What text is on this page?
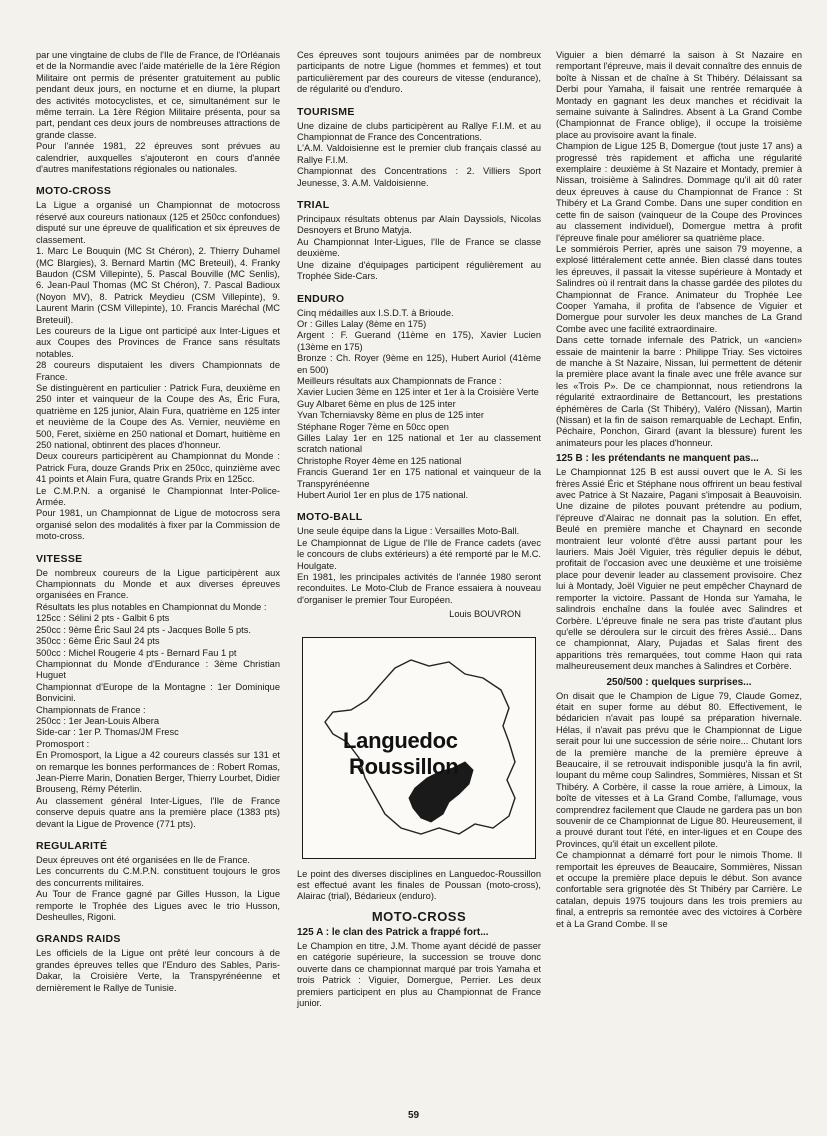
par une vingtaine de clubs de l'Ile de France, de l'Orléanais et de la Normandie avec l'aide matérielle de la 1ère Région Militaire ont permis de présenter gratuitement au public pendant deux jours, en nocturne et en diurne, la plupart des activités motocyclistes, et ce, simultanément sur le même terrain. La 1ère Région Militaire présenta, pour sa part, pendant ces deux jours de nombreuses attractions de grande classe.

Pour l'année 1981, 22 épreuves sont prévues au calendrier, auxquelles s'ajouteront en cours d'année d'autres manifestations régionales ou nationales.

MOTO-CROSS

La Ligue a organisé un Championnat de motocross réservé aux coureurs nationaux (125 et 250cc confondues) disputé sur une épreuve de qualification et six épreuves de classement.

1. Marc Le Bouquin (MC St Chéron), 2. Thierry Duhamel (MC Blargies), 3. Bernard Martin (MC Breteuil), 4. Franky Baudon (CSM Villepinte), 5. Pascal Bouville (MC Senlis), 6. Jean-Paul Thomas (MC St Chéron), 7. Pascal Badioux (Noyon MV), 8. Patrick Meydieu (CSM Villepinte), 9. Laurent Marin (CSM Villepinte), 10. Francis Maréchal (MC Breteuil).

Les coureurs de la Ligue ont participé aux Inter-Ligues et aux Coupes des Provinces de France sans résultats notables.

28 coureurs disputaient les divers Championnats de France.

Se distinguèrent en particulier : Patrick Fura, deuxième en 250 inter et vainqueur de la Coupe des As, Éric Fura, quatrième en 125 junior, Alain Fura, quatrième en 125 inter et neuvième de la Coupe des As. Vernier, neuvième en 500, Feret, sixième en 250 national et Domart, huitième en 250 national, obtinrent des places d'honneur.

Deux coureurs participèrent au Championnat du Monde : Patrick Fura, douze Grands Prix en 250cc, quinzième avec 41 points et Alain Fura, quatre Grands Prix en 125cc.

Le C.M.P.N. a organisé le Championnat Inter-Police-Armée.

Pour 1981, un Championnat de Ligue de motocross sera organisé selon des modalités à fixer par la Commission de moto-cross.

VITESSE

De nombreux coureurs de la Ligue participèrent aux Championnats du Monde et aux diverses épreuves organisées en France.

Résultats les plus notables en Championnat du Monde :

125cc : Sélini 2 pts - Galbit 6 pts

250cc : 9ème Éric Saul 24 pts - Jacques Bolle 5 pts.

350cc : 6ème Éric Saul 24 pts

500cc : Michel Rougerie 4 pts - Bernard Fau 1 pt

Championnat du Monde d'Endurance : 3ème Christian Huguet

Championnat d'Europe de la Montagne : 1er Dominique Bonvicini.

Championnats de France :

250cc : 1er Jean-Louis Albera

Side-car : 1er P. Thomas/JM Fresc

Promosport :

En Promosport, la Ligue a 42 coureurs classés sur 131 et on remarque les bonnes performances de : Robert Romas, Jean-Pierre Marin, Donatien Berger, Thierry Lourbet, Didier Brouseng, Rémy Péterlin.

Au classement général Inter-Ligues, l'Ile de France conserve depuis quatre ans la première place (1383 pts) devant la Ligue de Provence (771 pts).

REGULARITÉ

Deux épreuves ont été organisées en Ile de France.

Les concurrents du C.M.P.N. constituent toujours le gros des concurrents militaires.

Au Tour de France gagné par Gilles Husson, la Ligue remporte le Trophée des Ligues avec le trio Husson, Desheulles, Rigoni.

GRANDS RAIDS

Les officiels de la Ligue ont prêté leur concours à de grandes épreuves telles que l'Enduro des Sables, Paris-Dakar, la Croisière Verte, la Transpyrénéenne et dernièrement le Rallye de Tunisie.

Ces épreuves sont toujours animées par de nombreux participants de notre Ligue (hommes et femmes) et tout particulièrement par des coureurs de vitesse (endurance), de régularité ou d'enduro.

TOURISME

Une dizaine de clubs participèrent au Rallye F.I.M. et au Championnat de France des Concentrations.

L'A.M. Valdoisienne est le premier club français classé au Rallye F.I.M.

Championnat des Concentrations : 2. Villiers Sport Jeunesse, 3. A.M. Valdoisienne.

TRIAL

Principaux résultats obtenus par Alain Dayssiols, Nicolas Desnoyers et Bruno Matyja.

Au Championnat Inter-Ligues, l'Ile de France se classe deuxième.

Une dizaine d'équipages participent régulièrement au Trophée Side-Cars.

ENDURO

Cinq médailles aux I.S.D.T. à Brioude.

Or : Gilles Lalay (8ème en 175)

Argent : F. Guerand (11ème en 175), Xavier Lucien (13ème en 175)

Bronze : Ch. Royer (9ème en 125), Hubert Auriol (41ème en 500)

Meilleurs résultats aux Championnats de France :

Xavier Lucien 3ème en 125 inter et 1er à la Croisière Verte

Guy Albaret 6ème en plus de 125 inter

Yvan Tcherniavsky 8ème en plus de 125 inter

Stéphane Roger 7ème en 50cc open

Gilles Lalay 1er en 125 national et 1er au classement scratch national

Christophe Royer 4ème en 125 national

Francis Guerand 1er en 175 national et vainqueur de la Transpyrénéenne

Hubert Auriol 1er en plus de 175 national.

MOTO-BALL

Une seule équipe dans la Ligue : Versailles Moto-Ball.

Le Championnat de Ligue de l'Ile de France cadets (avec le concours de clubs extérieurs) a été remporté par le M.C. Houlgate.

En 1981, les principales activités de l'année 1980 seront reconduites. Le Moto-Club de France essaiera à nouveau d'organiser le premier Tour Européen.

Louis BOUVRON

Languedoc
Roussillon

Le point des diverses disciplines en Languedoc-Roussillon est effectué avant les finales de Poussan (moto-cross), Alairac (trial), Bédarieux (enduro).

MOTO-CROSS
125 A : le clan des Patrick a frappé fort...

Le Champion en titre, J.M. Thome ayant décidé de passer en catégorie supérieure, la succession se trouve donc ouverte dans ce championnat marqué par trois Yamaha et trois Patrick : Viguier, Domergue, Perrier. Les deux premiers participent en plus au Championnat de France junior.

Viguier a bien démarré la saison à St Nazaire en remportant l'épreuve, mais il devait connaître des ennuis de boîte à Nissan et de chaîne à St Thibéry. Délaissant sa Derbi pour Yamaha, il faisait une rentrée remarquée à Montady en gagnant les deux manches et récidivait la semaine suivante à Salindres. Absent à La Grand Combe (Championnat de France oblige), il occupe la troisième place au provisoire avant la finale.

Champion de Ligue 125 B, Domergue (tout juste 17 ans) a progressé très rapidement et afficha une régularité exemplaire : deuxième à St Nazaire et Montady, premier à Nissan, troisième à Salindres. Dommage qu'il ait dû rater deux épreuves à cause du Championnat de France : St Thibéry et La Grand Combe. Dans une super condition en cette fin de saison (vainqueur de la Coupe des Provinces au classement individuel), Domergue mettra à profit l'épreuve finale pour améliorer sa quatrième place.

Le sommiérois Perrier, après une saison 79 moyenne, a explosé littéralement cette année. Bien classé dans toutes les épreuves, il passait la vitesse supérieure à Montady et Salindres où il rentrait dans la chasse gardée des pilotes du Championnat de France. Animateur du Trophée Lee Cooper Yamaha, il profita de l'absence de Viguier et Domergue pour survoler les deux manches de La Grand Combe avec une facilité extraordinaire.

Dans cette tornade infernale des Patrick, un «ancien» essaie de maintenir la barre : Philippe Triay. Ses victoires de manche à St Nazaire, Nissan, lui permettent de détenir la première place avant la finale avec une frêle avance sur les «Trois P». De ce championnat, nous retiendrons la régularité extraordinaire de Bettancourt, les prestations éphémères de Carla (St Thibéry), Valéro (Nissan), Martin (Nissan) et la fin de saison remarquable de Lechapt. Enfin, Péchaire, Ponchon, Girard (avant la blessure) furent les animateurs pour les places d'honneur.

125 B : les prétendants ne manquent pas...

Le Championnat 125 B est aussi ouvert que le A. Si les frères Assié Éric et Stéphane nous offrirent un beau festival avec Patrice à St Nazaire, Pagani s'imposait à Beauvoisin. Une dizaine de pilotes pouvant prétendre au podium, l'épreuve d'Alairac ne donnait pas la solution. En effet, Beulé en première manche et Chaynard en seconde montraient leur volonté d'être aussi partant pour les lauriers. Mais Joël Viguier, très régulier depuis le début, profitait de l'occasion avec une deuxième et une troisième place pour devenir leader au classement provisoire. Chez lui à Montady, Joël Viguier ne peut empêcher Chaynard de remporter la victoire. Passant de Honda sur Yamaha, le salindrois enchaîne dans la foulée avec Salindres et Corbère. L'épreuve finale ne sera pas triste d'autant plus qu'elle se déroulera sur le circuit des frères Assié... Dans ce championnat, Alary, Pujadas et Salas firent des apparitions très remarquées, tout comme Haon qui rata malheureusement deux manches à Salindres et Corbère.

250/500 : quelques surprises...

On disait que le Champion de Ligue 79, Claude Gomez, était en super forme au début 80. Effectivement, le bédaricien n'avait pas loupé sa préparation hivernale. Hélas, il n'avait pas prévu que le Championnat de Ligue serait pour lui une succession de série noire... Chutant lors de la première manche de la première épreuve à Beaucaire, il se retrouvait indisponible jusqu'à la fin avril, loupant du même coup Salindres, Sommières, Nissan et St Thibéry. A Corbère, il casse la roue arrière, à Limoux, la boîte de vitesses et à La Grand Combe, l'allumage, vous comprendrez facilement que Claude ne gardera pas un bon souvenir de ce Championnat de Ligue 80. Heureusement, il a prouvé durant tout l'été, en inter-ligues et en Coupe des Provinces, qu'il était un excellent pilote.

Ce championnat a démarré fort pour le nimois Thome. Il remportait les épreuves de Beaucaire, Sommières, Nissan et occupe la première place depuis le début. Son avance confortable sera grignotée dès St Thibéry par Carrière. Le catalan, depuis 1975 toujours dans les trois premiers au final, a entrepris sa remontée avec des victoires à Corbère et à La Grand Combe. Il se

59
